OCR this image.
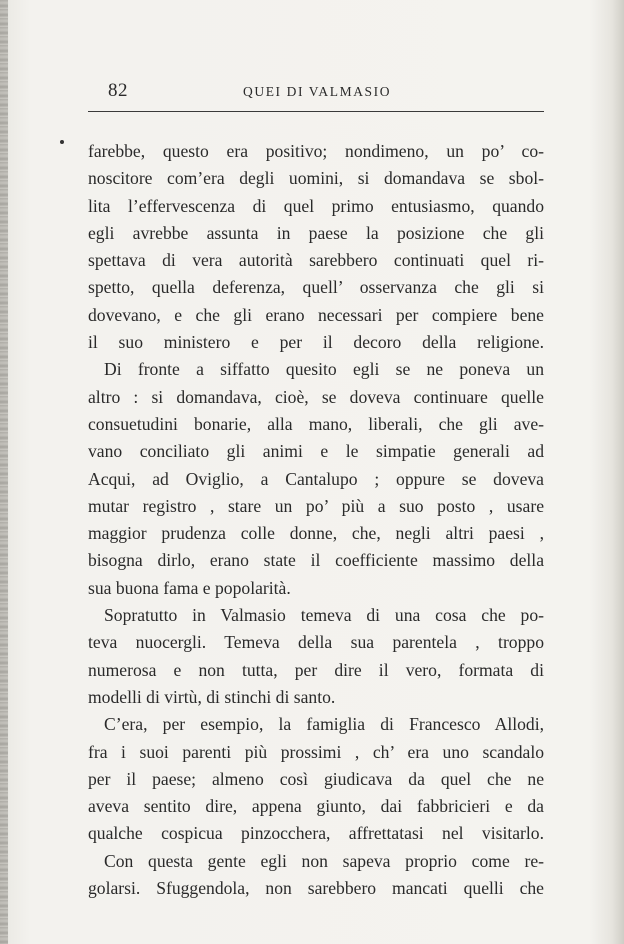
82	QUEI DI VALMASIO
farebbe, questo era positivo; nondimeno, un po’ co-
noscitore com’era degli uomini, si domandava se sbol-
lita l’effervescenza di quel primo entusiasmo, quando
egli avrebbe assunta in paese la posizione che gli
spettava di vera autorità sarebbero continuati quel ri-
spetto, quella deferenza, quell’ osservanza che gli si
dovevano, e che gli erano necessari per compiere bene
il suo ministero e per il decoro della religione.
Di fronte a siffatto quesito egli se ne poneva un
altro : si domandava, cioè, se doveva continuare quelle
consuetudini bonarie, alla mano, liberali, che gli ave-
vano conciliato gli animi e le simpatie generali ad
Acqui, ad Oviglio, a Cantalupo ; oppure se doveva
mutar registro , stare un po’ più a suo posto , usare
maggior prudenza colle donne, che, negli altri paesi ,
bisogna dirlo, erano state il coefficiente massimo della
sua buona fama e popolarità.
Sopratutto in Valmasio temeva di una cosa che po-
teva nuocergli. Temeva della sua parentela , troppo
numerosa e non tutta, per dire il vero, formata di
modelli di virtù, di stinchi di santo.
C’era, per esempio, la famiglia di Francesco Allodi,
fra i suoi parenti più prossimi , ch’ era uno scandalo
per il paese; almeno così giudicava da quel che ne
aveva sentito dire, appena giunto, dai fabbricieri e da
qualche cospicua pinzocchera, affrettatasi nel visitarlo.
Con questa gente egli non sapeva proprio come re-
golarsi. Sfuggendola, non sarebbero mancati quelli che
